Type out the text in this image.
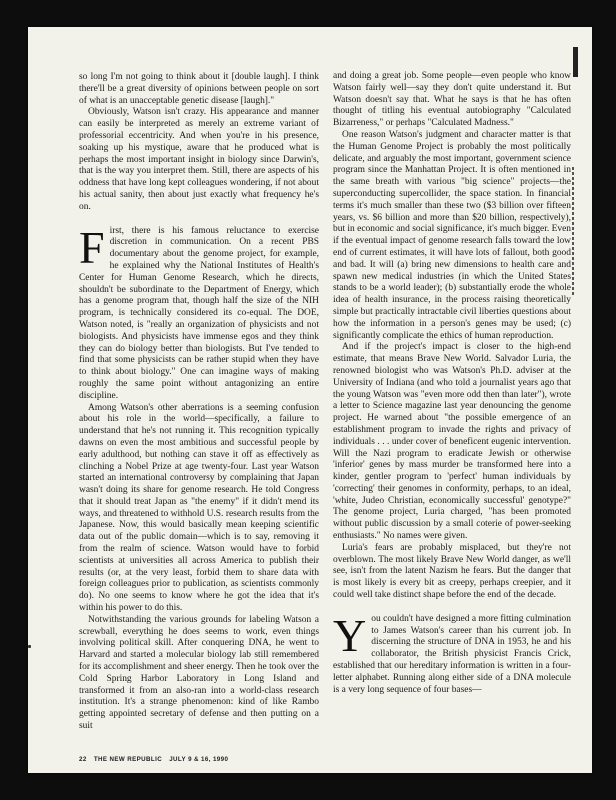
so long I'm not going to think about it [double laugh]. I think there'll be a great diversity of opinions between people on sort of what is an unacceptable genetic disease [laugh]."

Obviously, Watson isn't crazy. His appearance and manner can easily be interpreted as merely an extreme variant of professorial eccentricity. And when you're in his presence, soaking up his mystique, aware that he produced what is perhaps the most important insight in biology since Darwin's, that is the way you interpret them. Still, there are aspects of his oddness that have long kept colleagues wondering, if not about his actual sanity, then about just exactly what frequency he's on.

First, there is his famous reluctance to exercise discretion in communication. On a recent PBS documentary about the genome project, for example, he explained why the National Institutes of Health's Center for Human Genome Research, which he directs, shouldn't be subordinate to the Department of Energy, which has a genome program that, though half the size of the NIH program, is technically considered its co-equal. The DOE, Watson noted, is "really an organization of physicists and not biologists. And physicists have immense egos and they think they can do biology better than biologists. But I've tended to find that some physicists can be rather stupid when they have to think about biology." One can imagine ways of making roughly the same point without antagonizing an entire discipline.

Among Watson's other aberrations is a seeming confusion about his role in the world—specifically, a failure to understand that he's not running it. This recognition typically dawns on even the most ambitious and successful people by early adulthood, but nothing can stave it off as effectively as clinching a Nobel Prize at age twenty-four. Last year Watson started an international controversy by complaining that Japan wasn't doing its share for genome research. He told Congress that it should treat Japan as "the enemy" if it didn't mend its ways, and threatened to withhold U.S. research results from the Japanese. Now, this would basically mean keeping scientific data out of the public domain—which is to say, removing it from the realm of science. Watson would have to forbid scientists at universities all across America to publish their results (or, at the very least, forbid them to share data with foreign colleagues prior to publication, as scientists commonly do). No one seems to know where he got the idea that it's within his power to do this.

Notwithstanding the various grounds for labeling Watson a screwball, everything he does seems to work, even things involving political skill. After conquering DNA, he went to Harvard and started a molecular biology lab still remembered for its accomplishment and sheer energy. Then he took over the Cold Spring Harbor Laboratory in Long Island and transformed it from an also-ran into a world-class research institution. It's a strange phenomenon: kind of like Rambo getting appointed secretary of defense and then putting on a suit

and doing a great job. Some people—even people who know Watson fairly well—say they don't quite understand it. But Watson doesn't say that. What he says is that he has often thought of titling his eventual autobiography "Calculated Bizarreness," or perhaps "Calculated Madness."

One reason Watson's judgment and character matter is that the Human Genome Project is probably the most politically delicate, and arguably the most important, government science program since the Manhattan Project. It is often mentioned in the same breath with various "big science" projects—the superconducting supercollider, the space station. In financial terms it's much smaller than these two ($3 billion over fifteen years, vs. $6 billion and more than $20 billion, respectively), but in economic and social significance, it's much bigger. Even if the eventual impact of genome research falls toward the low end of current estimates, it will have lots of fallout, both good and bad. It will (a) bring new dimensions to health care and spawn new medical industries (in which the United States stands to be a world leader); (b) substantially erode the whole idea of health insurance, in the process raising theoretically simple but practically intractable civil liberties questions about how the information in a person's genes may be used; (c) significantly complicate the ethics of human reproduction.

And if the project's impact is closer to the high-end estimate, that means Brave New World. Salvador Luria, the renowned biologist who was Watson's Ph.D. adviser at the University of Indiana (and who told a journalist years ago that the young Watson was "even more odd then than later"), wrote a letter to Science magazine last year denouncing the genome project. He warned about "the possible emergence of an establishment program to invade the rights and privacy of individuals . . . under cover of beneficent eugenic intervention. Will the Nazi program to eradicate Jewish or otherwise 'inferior' genes by mass murder be transformed here into a kinder, gentler program to 'perfect' human individuals by 'correcting' their genomes in conformity, perhaps, to an ideal, 'white, Judeo Christian, economically successful' genotype?" The genome project, Luria charged, "has been promoted without public discussion by a small coterie of power-seeking enthusiasts." No names were given.

Luria's fears are probably misplaced, but they're not overblown. The most likely Brave New World danger, as we'll see, isn't from the latent Nazism he fears. But the danger that is most likely is every bit as creepy, perhaps creepier, and it could well take distinct shape before the end of the decade.

You couldn't have designed a more fitting culmination to James Watson's career than his current job. In discerning the structure of DNA in 1953, he and his collaborator, the British physicist Francis Crick, established that our hereditary information is written in a four-letter alphabet. Running along either side of a DNA molecule is a very long sequence of four bases—

22 THE NEW REPUBLIC JULY 9 & 16, 1990
